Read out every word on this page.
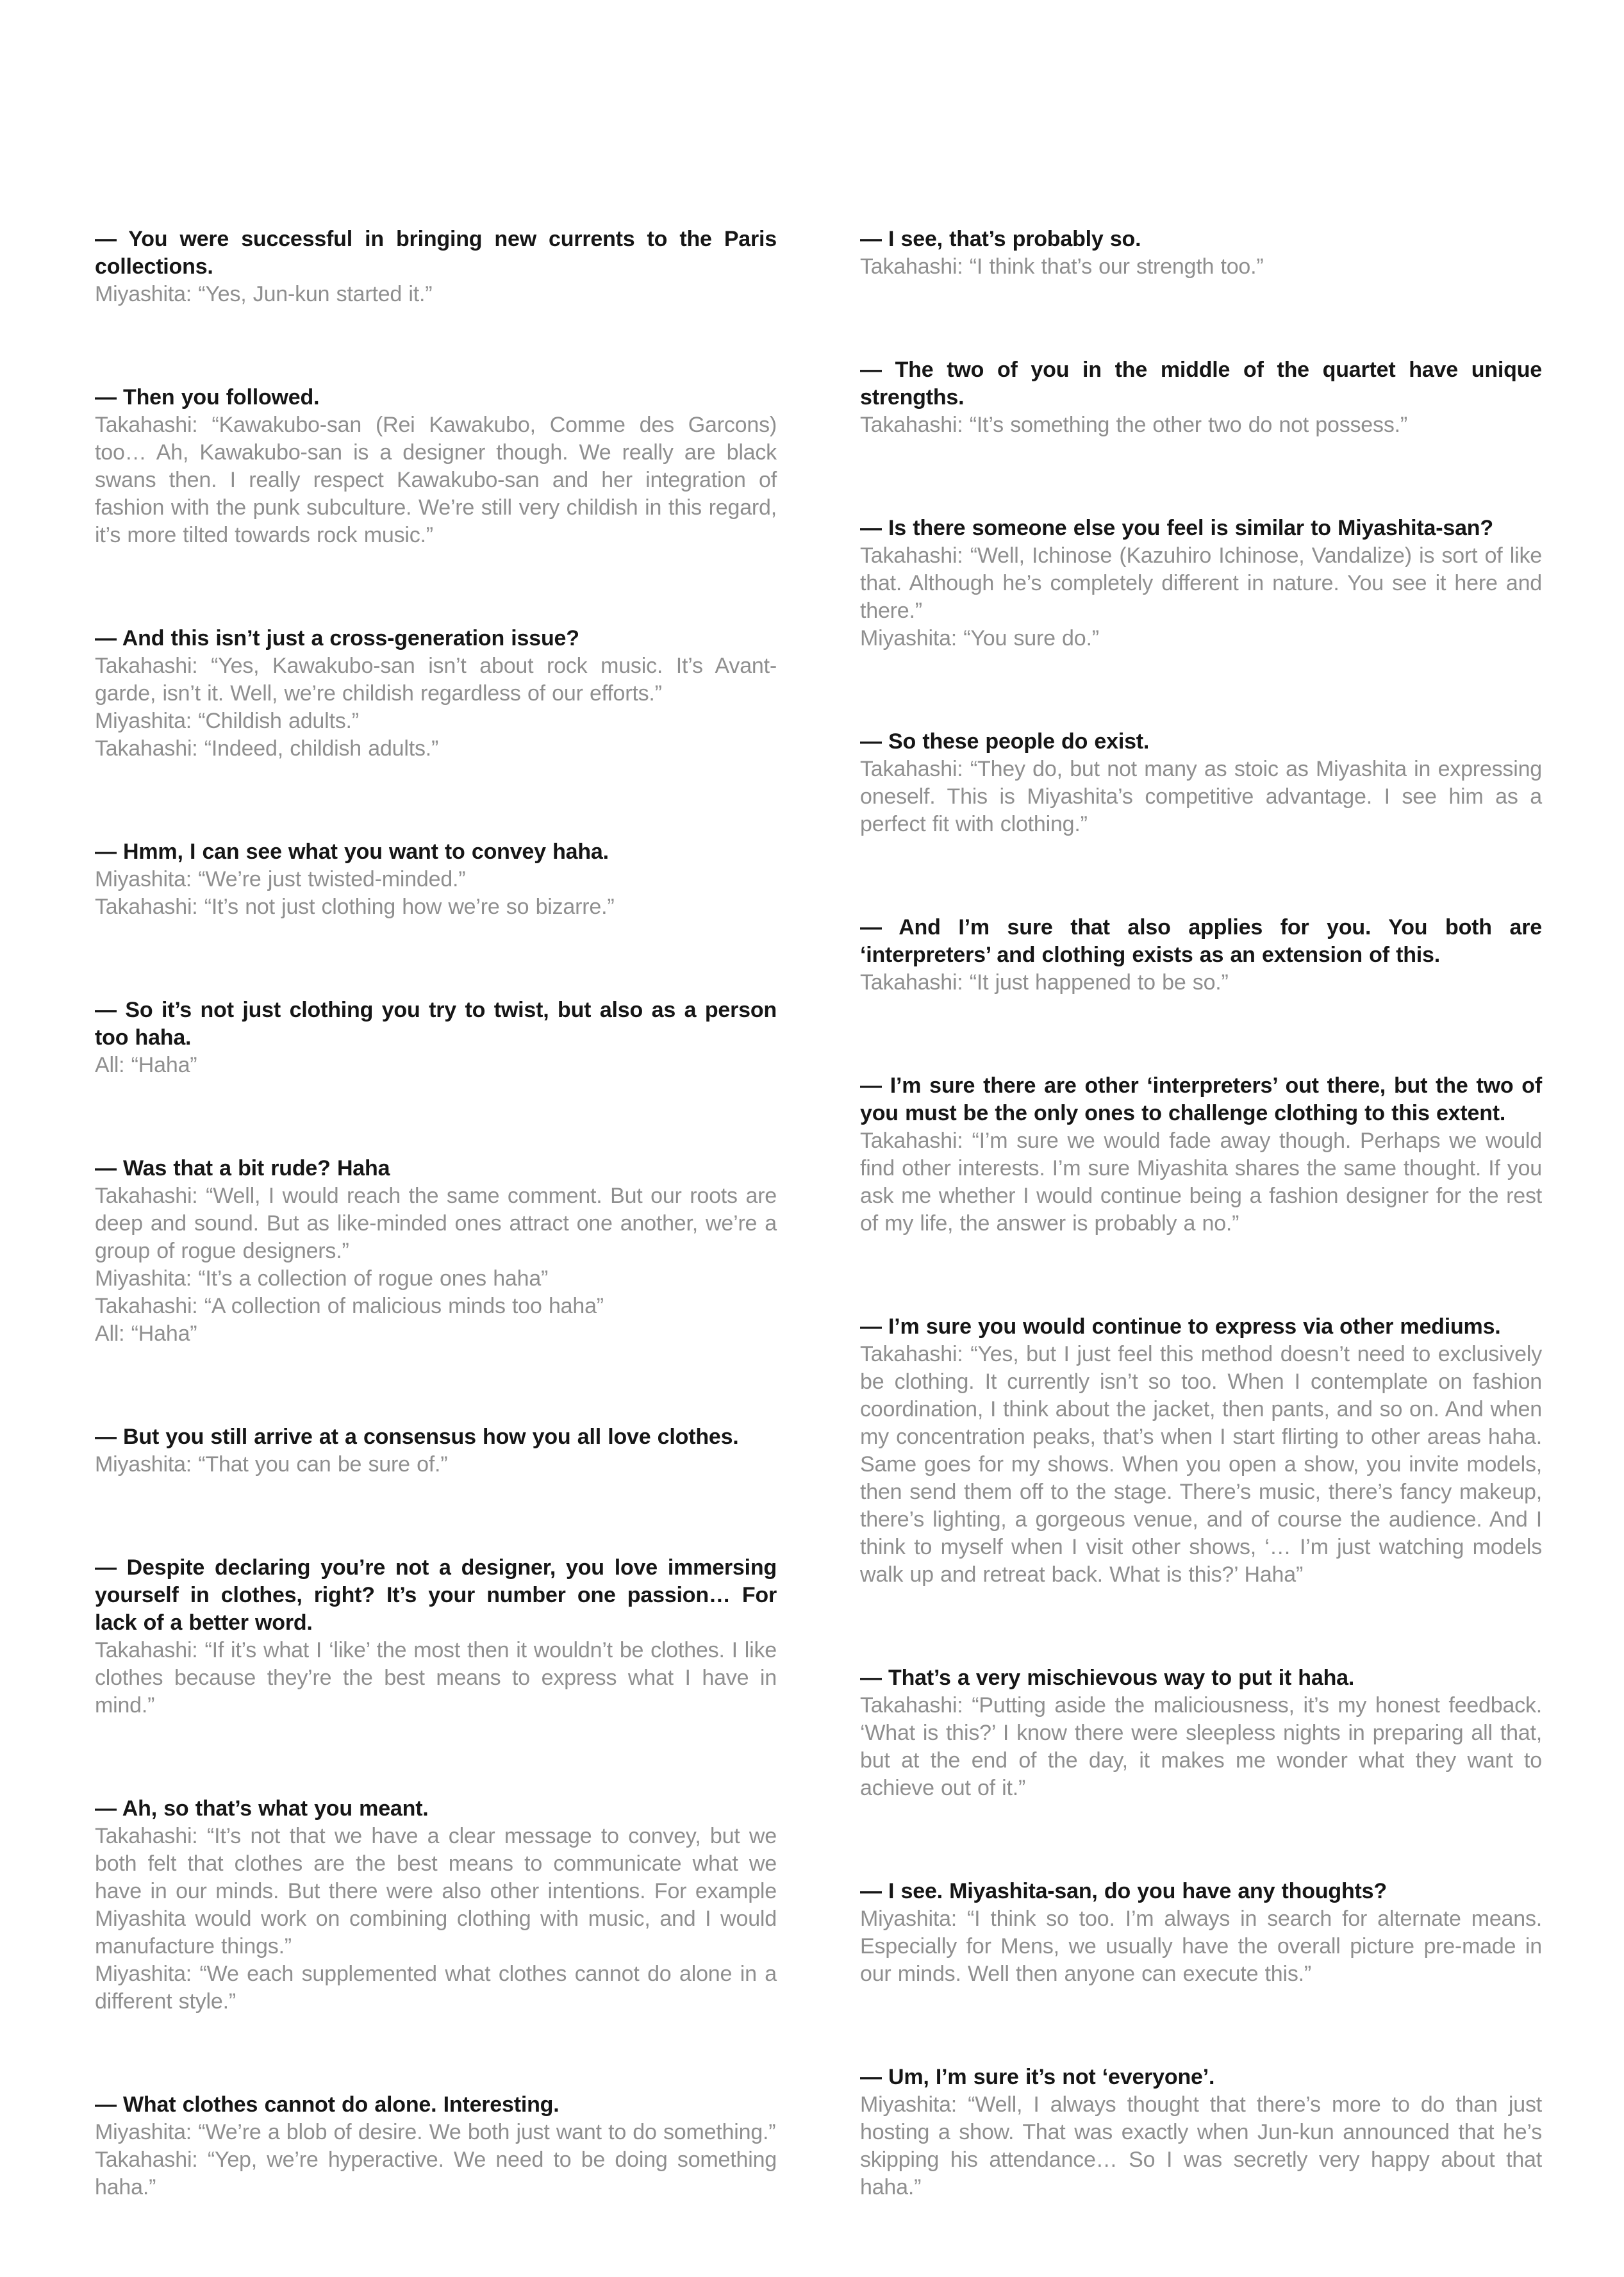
— You were successful in bringing new currents to the Paris collections.

Miyashita: “Yes, Jun-kun started it.”

— Then you followed.

Takahashi: “Kawakubo-san (Rei Kawakubo, Comme des Garcons) too… Ah, Kawakubo-san is a designer though. We really are black swans then. I really respect Kawakubo-san and her integration of fashion with the punk subculture. We’re still very childish in this regard, it’s more tilted towards rock music.”

— And this isn’t just a cross-generation issue?

Takahashi: “Yes, Kawakubo-san isn’t about rock music. It’s Avant-garde, isn’t it. Well, we’re childish regardless of our efforts.”

Miyashita: “Childish adults.”

Takahashi: “Indeed, childish adults.”

— Hmm, I can see what you want to convey haha.

Miyashita: “We’re just twisted-minded.”

Takahashi: “It’s not just clothing how we’re so bizarre.”

— So it’s not just clothing you try to twist, but also as a person too haha.

All: “Haha”

— Was that a bit rude? Haha

Takahashi: “Well, I would reach the same comment. But our roots are deep and sound. But as like-minded ones attract one another, we’re a group of rogue designers.”

Miyashita: “It’s a collection of rogue ones haha”

Takahashi: “A collection of malicious minds too haha”

All: “Haha”

— But you still arrive at a consensus how you all love clothes.

Miyashita: “That you can be sure of.”

— Despite declaring you’re not a designer, you love immersing yourself in clothes, right? It’s your number one passion… For lack of a better word.

Takahashi: “If it’s what I ‘like’ the most then it wouldn’t be clothes. I like clothes because they’re the best means to express what I have in mind.”

— Ah, so that’s what you meant.

Takahashi: “It’s not that we have a clear message to convey, but we both felt that clothes are the best means to communicate what we have in our minds. But there were also other intentions. For example Miyashita would work on combining clothing with music, and I would manufacture things.”

Miyashita: “We each supplemented what clothes cannot do alone in a different style.”

— What clothes cannot do alone. Interesting.

Miyashita: “We’re a blob of desire. We both just want to do something.”

Takahashi: “Yep, we’re hyperactive. We need to be doing something haha.”

— I see, that’s probably so.

Takahashi: “I think that’s our strength too.”

— The two of you in the middle of the quartet have unique strengths.

Takahashi: “It’s something the other two do not possess.”

— Is there someone else you feel is similar to Miyashita-san?

Takahashi: “Well, Ichinose (Kazuhiro Ichinose, Vandalize) is sort of like that. Although he’s completely different in nature. You see it here and there.”

Miyashita: “You sure do.”

— So these people do exist.

Takahashi: “They do, but not many as stoic as Miyashita in expressing oneself. This is Miyashita’s competitive advantage. I see him as a perfect fit with clothing.”

— And I’m sure that also applies for you. You both are ‘interpreters’ and clothing exists as an extension of this.

Takahashi: “It just happened to be so.”

— I’m sure there are other ‘interpreters’ out there, but the two of you must be the only ones to challenge clothing to this extent.

Takahashi: “I’m sure we would fade away though. Perhaps we would find other interests. I’m sure Miyashita shares the same thought. If you ask me whether I would continue being a fashion designer for the rest of my life, the answer is probably a no.”

— I’m sure you would continue to express via other mediums.

Takahashi: “Yes, but I just feel this method doesn’t need to exclusively be clothing. It currently isn’t so too. When I contemplate on fashion coordination, I think about the jacket, then pants, and so on. And when my concentration peaks, that’s when I start flirting to other areas haha. Same goes for my shows. When you open a show, you invite models, then send them off to the stage. There’s music, there’s fancy makeup, there’s lighting, a gorgeous venue, and of course the audience. And I think to myself when I visit other shows, ‘… I’m just watching models walk up and retreat back. What is this?’ Haha”

— That’s a very mischievous way to put it haha.

Takahashi: “Putting aside the maliciousness, it’s my honest feedback. ‘What is this?’ I know there were sleepless nights in preparing all that, but at the end of the day, it makes me wonder what they want to achieve out of it.”

— I see. Miyashita-san, do you have any thoughts?

Miyashita: “I think so too. I’m always in search for alternate means. Especially for Mens, we usually have the overall picture pre-made in our minds. Well then anyone can execute this.”

— Um, I’m sure it’s not ‘everyone’.

Miyashita: “Well, I always thought that there’s more to do than just hosting a show. That was exactly when Jun-kun announced that he’s skipping his attendance… So I was secretly very happy about that haha.”
